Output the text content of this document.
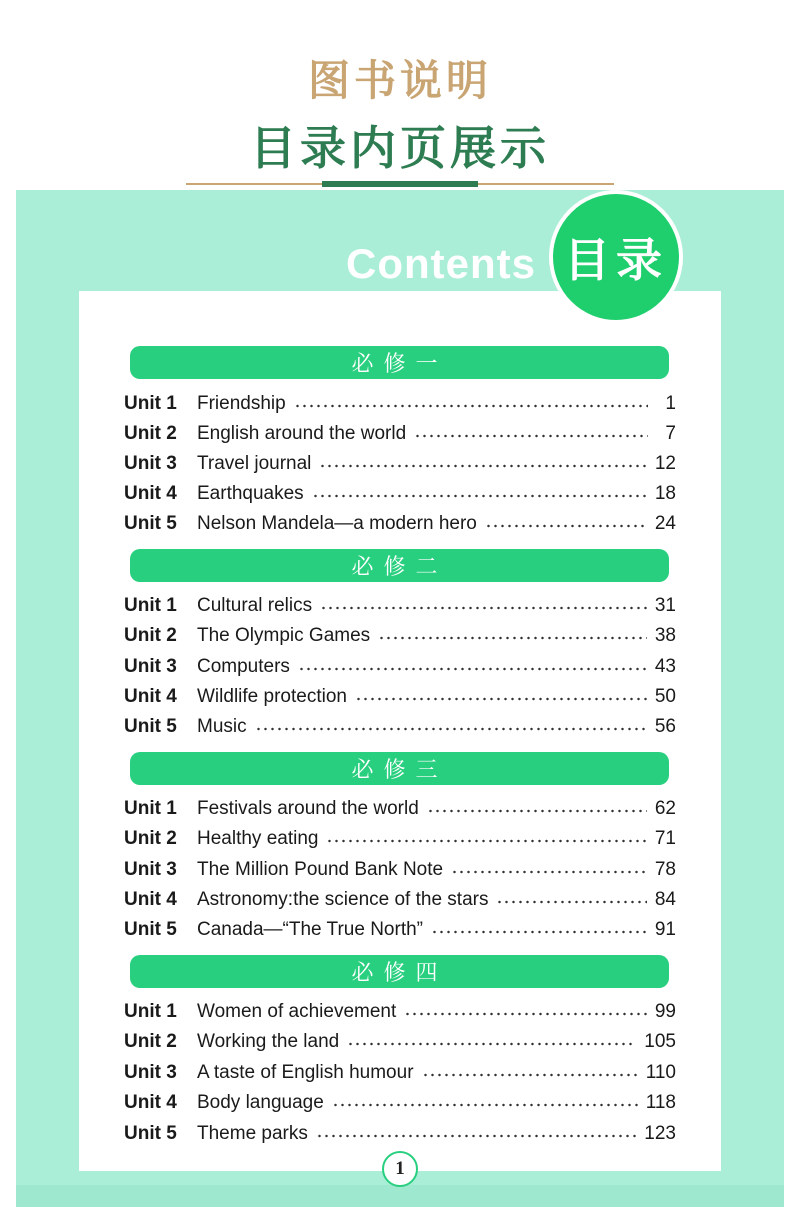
图书说明
目录内页展示
Contents 目录
必修一
Unit 1	Friendship	1
Unit 2	English around the world	7
Unit 3	Travel journal	12
Unit 4	Earthquakes	18
Unit 5	Nelson Mandela—a modern hero	24
必修二
Unit 1	Cultural relics	31
Unit 2	The Olympic Games	38
Unit 3	Computers	43
Unit 4	Wildlife protection	50
Unit 5	Music	56
必修三
Unit 1	Festivals around the world	62
Unit 2	Healthy eating	71
Unit 3	The Million Pound Bank Note	78
Unit 4	Astronomy:the science of the stars	84
Unit 5	Canada—“The True North”	91
必修四
Unit 1	Women of achievement	99
Unit 2	Working the land	105
Unit 3	A taste of English humour	110
Unit 4	Body language	118
Unit 5	Theme parks	123
1
